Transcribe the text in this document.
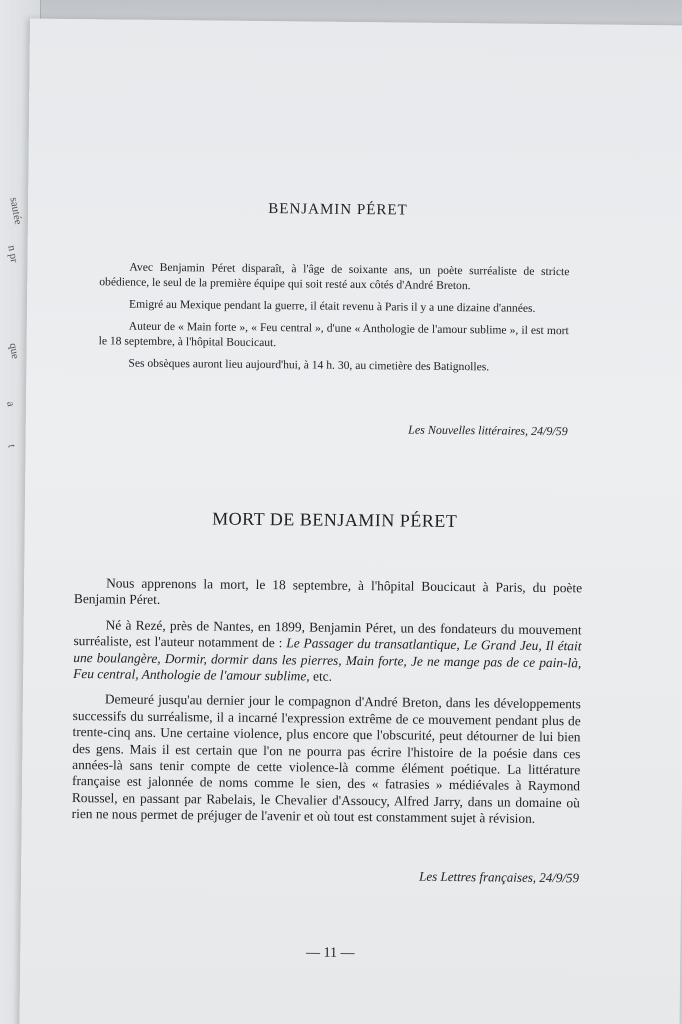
sautée
n pr
que
a
t
BENJAMIN PÉRET

Avec Benjamin Péret disparaît, à l'âge de soixante ans, un poète surréaliste de stricte obédience, le seul de la première équipe qui soit resté aux côtés d'André Breton.

Emigré au Mexique pendant la guerre, il était revenu à Paris il y a une dizaine d'années.

Auteur de « Main forte », « Feu central », d'une « Anthologie de l'amour sublime », il est mort le 18 septembre, à l'hôpital Boucicaut.

Ses obsèques auront lieu aujourd'hui, à 14 h. 30, au cimetière des Batignolles.

Les Nouvelles littéraires, 24/9/59
MORT DE BENJAMIN PÉRET

Nous apprenons la mort, le 18 septembre, à l'hôpital Boucicaut à Paris, du poète Benjamin Péret.

Né à Rezé, près de Nantes, en 1899, Benjamin Péret, un des fondateurs du mouvement surréaliste, est l'auteur notamment de : Le Passager du transatlantique, Le Grand Jeu, Il était une boulangère, Dormir, dormir dans les pierres, Main forte, Je ne mange pas de ce pain-là, Feu central, Anthologie de l'amour sublime, etc.

Demeuré jusqu'au dernier jour le compagnon d'André Breton, dans les développements successifs du surréalisme, il a incarné l'expression extrême de ce mouvement pendant plus de trente-cinq ans. Une certaine violence, plus encore que l'obscurité, peut détourner de lui bien des gens. Mais il est certain que l'on ne pourra pas écrire l'histoire de la poésie dans ces années-là sans tenir compte de cette violence-là comme élément poétique. La littérature française est jalonnée de noms comme le sien, des « fatrasies » médiévales à Raymond Roussel, en passant par Rabelais, le Chevalier d'Assoucy, Alfred Jarry, dans un domaine où rien ne nous permet de préjuger de l'avenir et où tout est constamment sujet à révision.

Les Lettres françaises, 24/9/59
— 11 —
